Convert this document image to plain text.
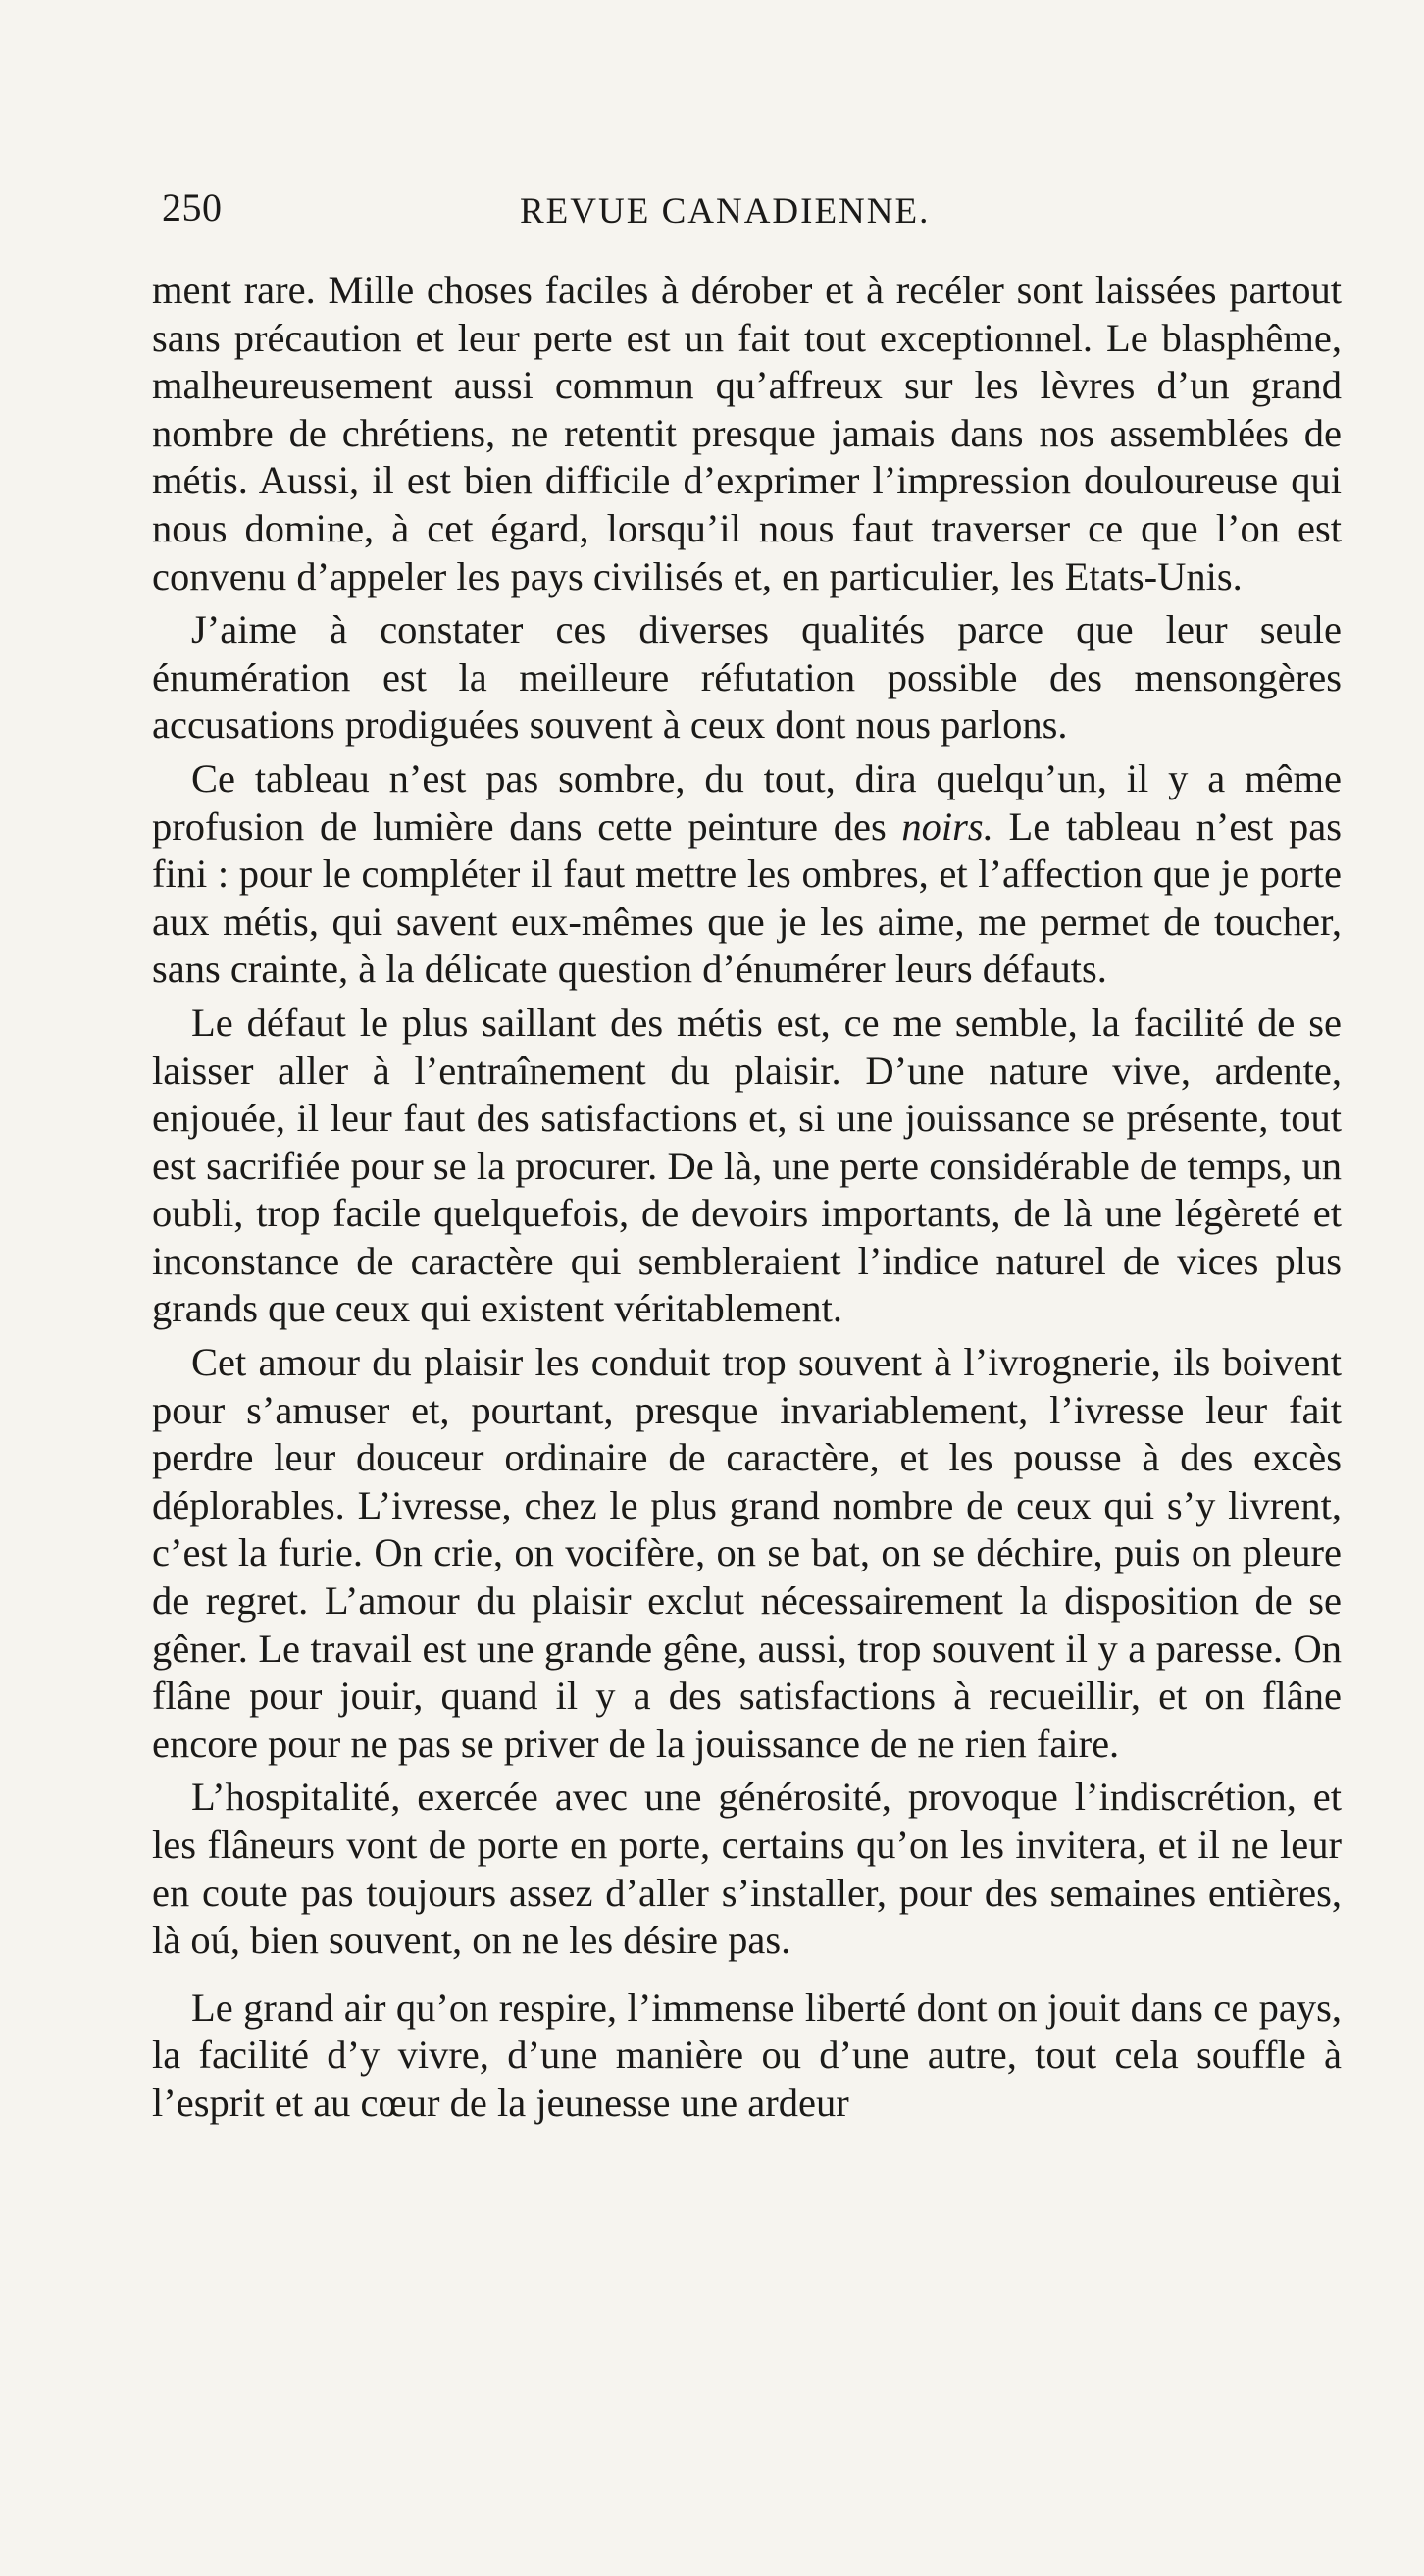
250	REVUE CANADIENNE.

ment rare. Mille choses faciles à dérober et à recéler sont laissées partout sans précaution et leur perte est un fait tout exceptionnel. Le blasphême, malheureusement aussi commun qu’affreux sur les lèvres d’un grand nombre de chrétiens, ne retentit presque jamais dans nos assemblées de métis. Aussi, il est bien difficile d’exprimer l’impression douloureuse qui nous domine, à cet égard, lorsqu’il nous faut traverser ce que l’on est convenu d’appeler les pays civilisés et, en particulier, les Etats-Unis.

J’aime à constater ces diverses qualités parce que leur seule énumération est la meilleure réfutation possible des mensongères accusations prodiguées souvent à ceux dont nous parlons.

Ce tableau n’est pas sombre, du tout, dira quelqu’un, il y a même profusion de lumière dans cette peinture des noirs. Le tableau n’est pas fini : pour le compléter il faut mettre les ombres, et l’affection que je porte aux métis, qui savent eux-mêmes que je les aime, me permet de toucher, sans crainte, à la délicate question d’énumérer leurs défauts.

Le défaut le plus saillant des métis est, ce me semble, la facilité de se laisser aller à l’entraînement du plaisir. D’une nature vive, ardente, enjouée, il leur faut des satisfactions et, si une jouissance se présente, tout est sacrifiée pour se la procurer. De là, une perte considérable de temps, un oubli, trop facile quelquefois, de devoirs importants, de là une légèreté et inconstance de caractère qui sembleraient l’indice naturel de vices plus grands que ceux qui existent véritablement.

Cet amour du plaisir les conduit trop souvent à l’ivrognerie, ils boivent pour s’amuser et, pourtant, presque invariablement, l’ivresse leur fait perdre leur douceur ordinaire de caractère, et les pousse à des excès déplorables. L’ivresse, chez le plus grand nombre de ceux qui s’y livrent, c’est la furie. On crie, on vocifère, on se bat, on se déchire, puis on pleure de regret. L’amour du plaisir exclut nécessairement la disposition de se gêner. Le travail est une grande gêne, aussi, trop souvent il y a paresse. On flâne pour jouir, quand il y a des satisfactions à recueillir, et on flâne encore pour ne pas se priver de la jouissance de ne rien faire.

L’hospitalité, exercée avec une générosité, provoque l’indiscrétion, et les flâneurs vont de porte en porte, certains qu’on les invitera, et il ne leur en coute pas toujours assez d’aller s’installer, pour des semaines entières, là oú, bien souvent, on ne les désire pas.

Le grand air qu’on respire, l’immense liberté dont on jouit dans ce pays, la facilité d’y vivre, d’une manière ou d’une autre, tout cela souffle à l’esprit et au cœur de la jeunesse une ardeur
